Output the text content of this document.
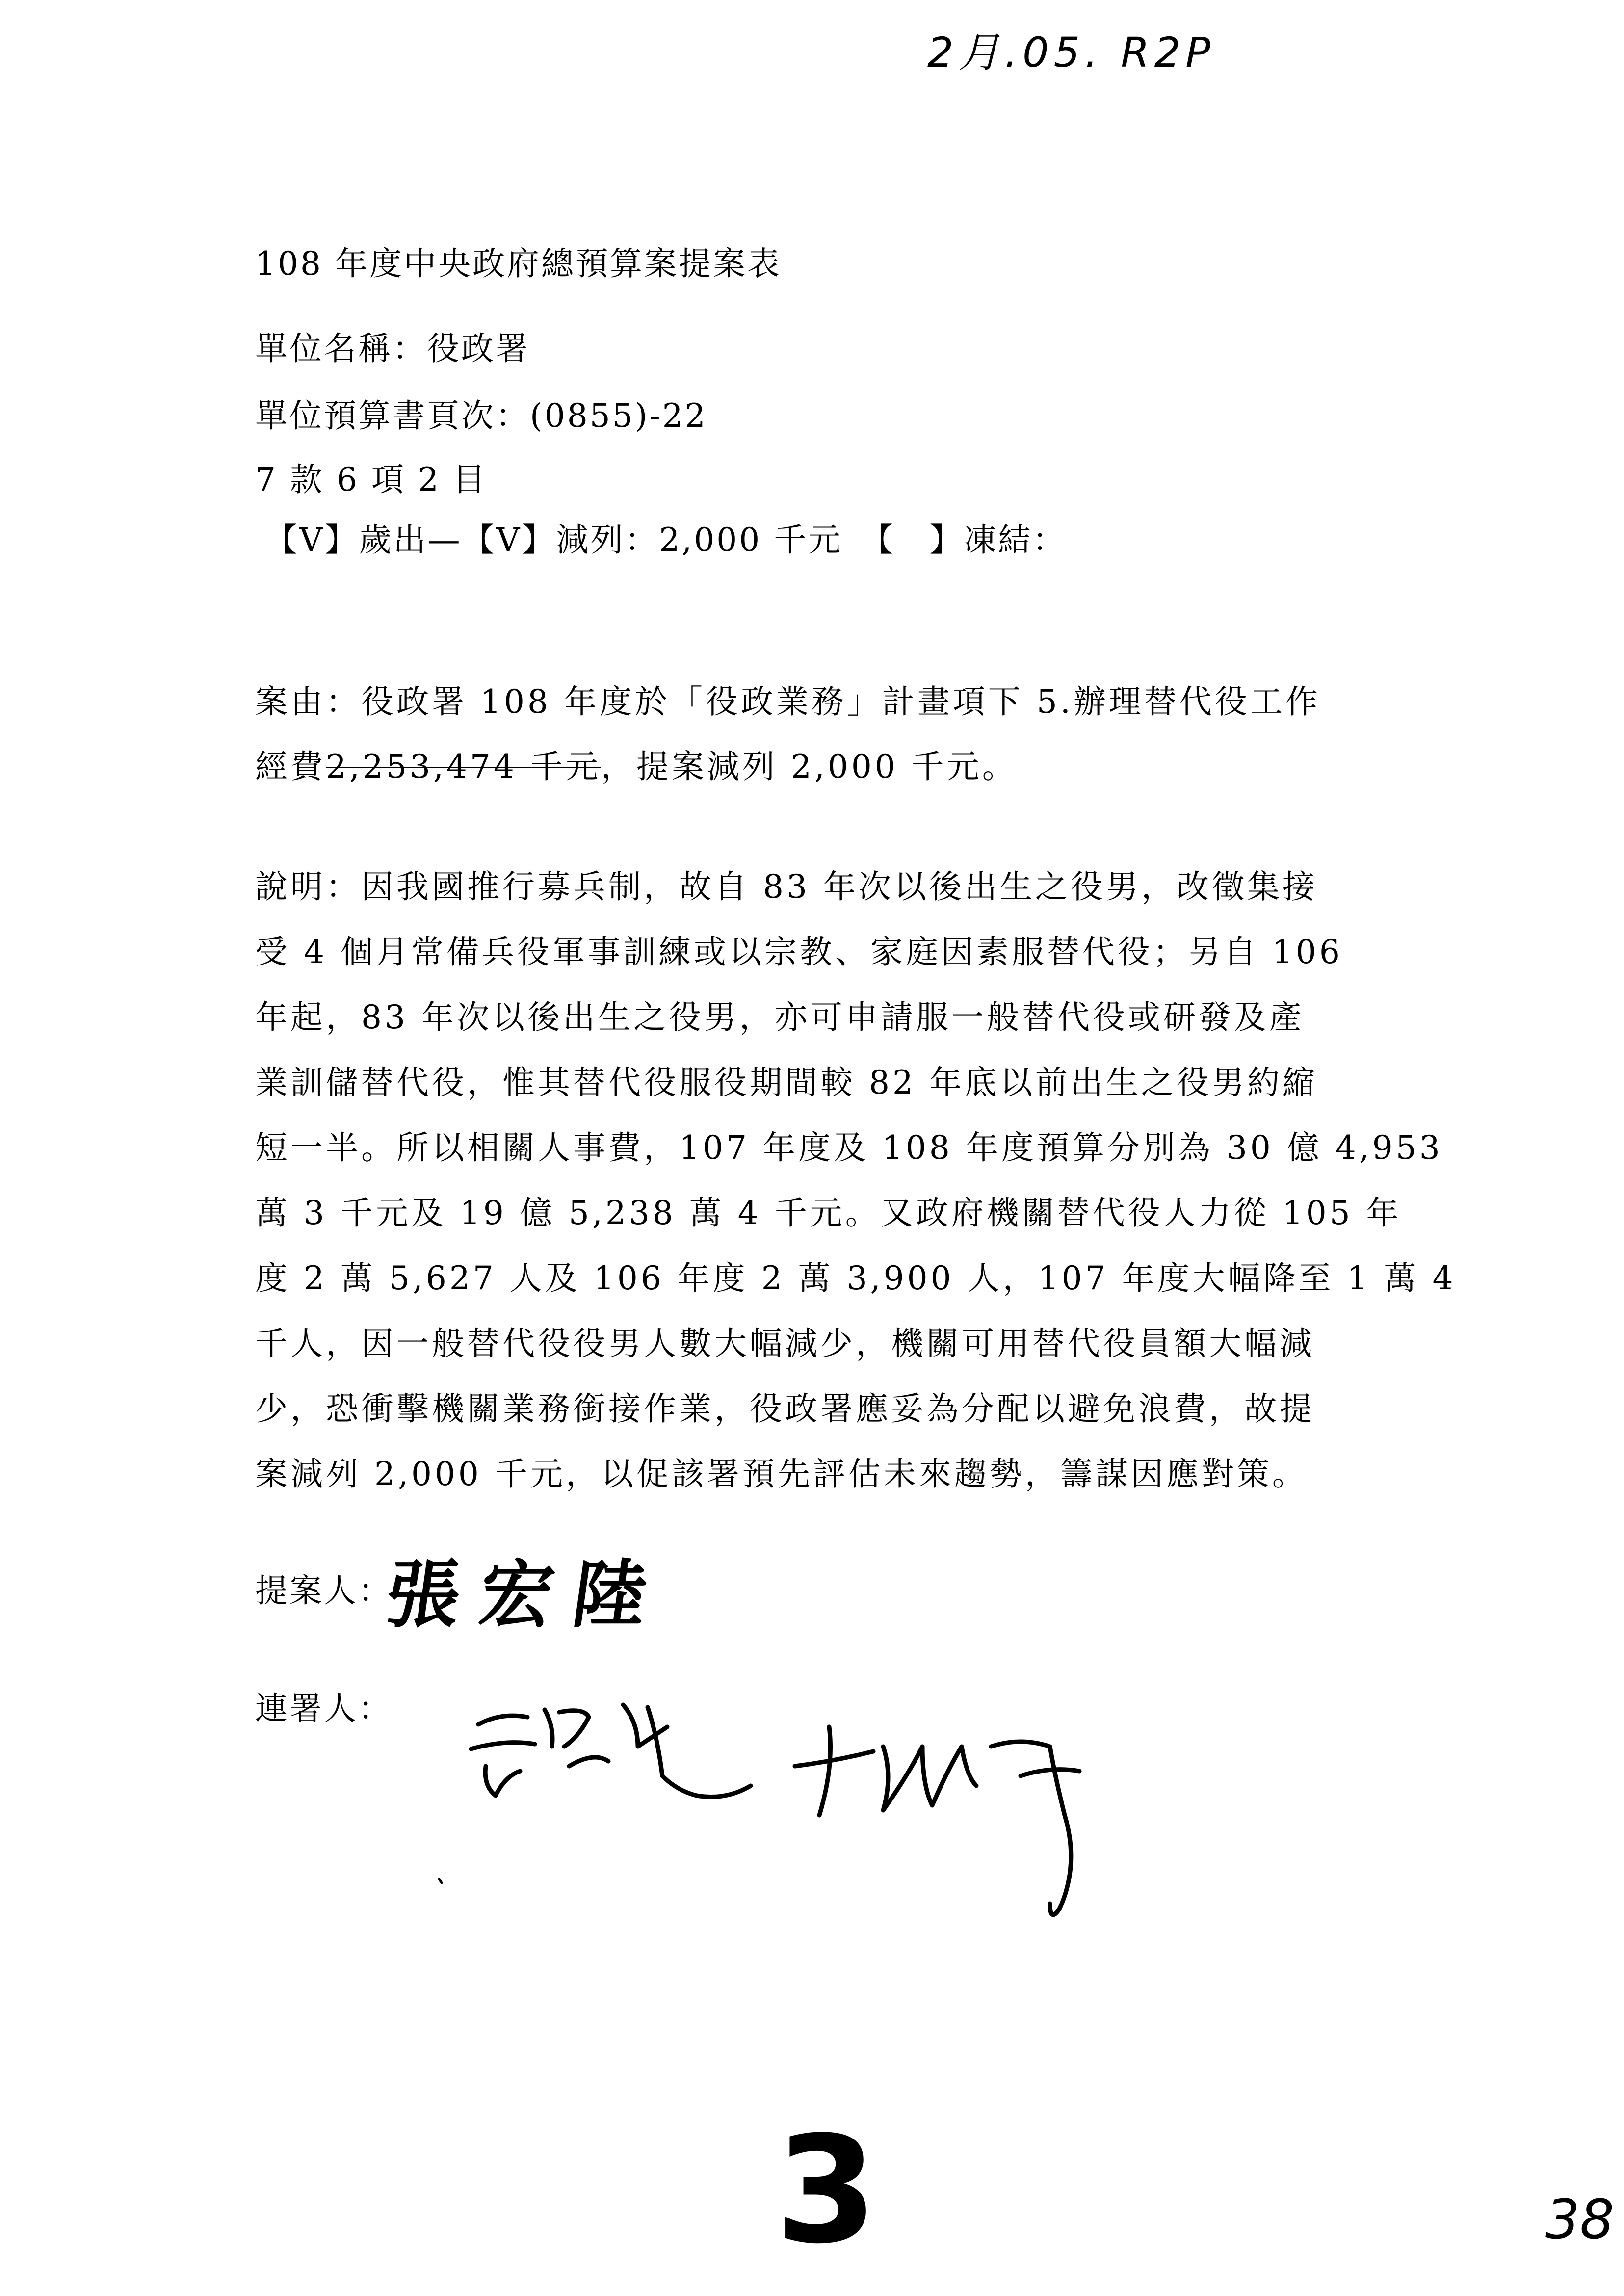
2月.05. R2P
108 年度中央政府總預算案提案表
單位名稱：役政署
單位預算書頁次：(0855)-22
7 款 6 項 2 目
【V】歲出—【V】減列：2,000 千元　【　】凍結：
案由：役政署 108 年度於「役政業務」計畫項下 5.辦理替代役工作
經費2,253,474 千元，提案減列 2,000 千元。
說明：因我國推行募兵制，故自 83 年次以後出生之役男，改徵集接
受 4 個月常備兵役軍事訓練或以宗教、家庭因素服替代役；另自 106
年起，83 年次以後出生之役男，亦可申請服一般替代役或研發及產
業訓儲替代役，惟其替代役服役期間較 82 年底以前出生之役男約縮
短一半。所以相關人事費，107 年度及 108 年度預算分別為 30 億 4,953
萬 3 千元及 19 億 5,238 萬 4 千元。又政府機關替代役人力從 105 年
度 2 萬 5,627 人及 106 年度 2 萬 3,900 人，107 年度大幅降至 1 萬 4
千人，因一般替代役役男人數大幅減少，機關可用替代役員額大幅減
少，恐衝擊機關業務銜接作業，役政署應妥為分配以避免浪費，故提
案減列 2,000 千元，以促該署預先評估未來趨勢，籌謀因應對策。
提案人：
張宏陸
連署人：
3	38
